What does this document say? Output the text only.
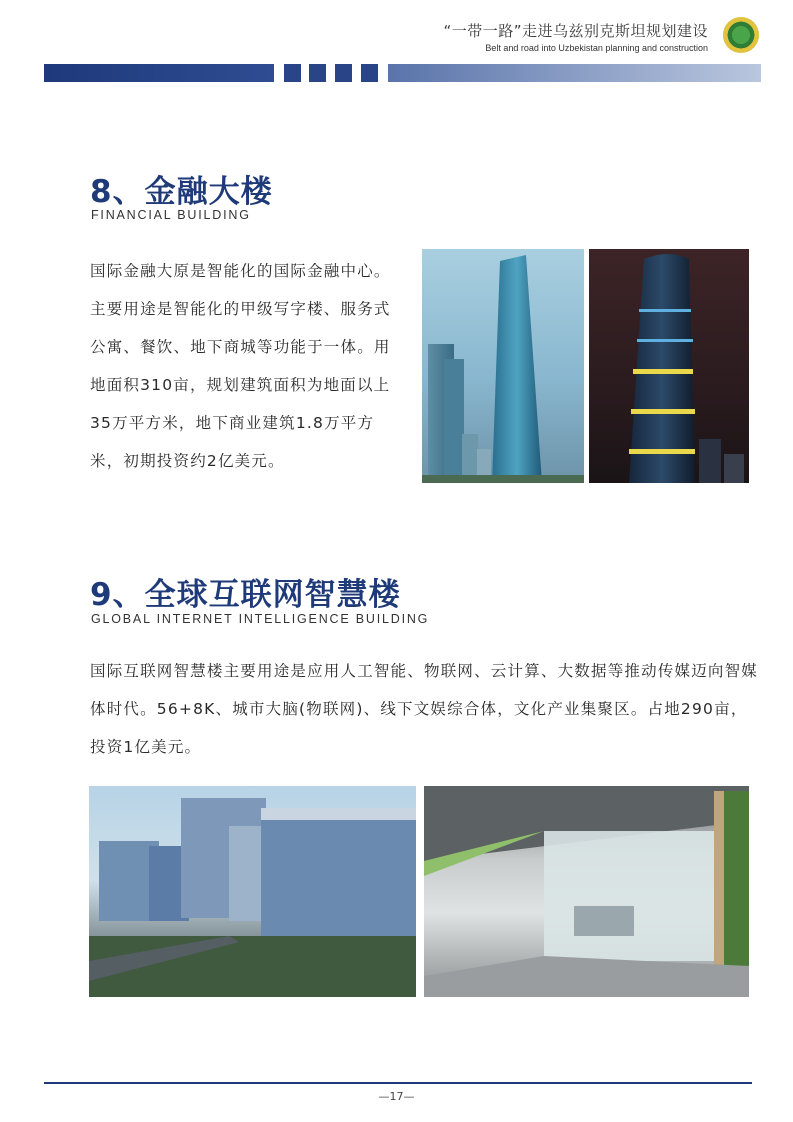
“一带一路”走进乌兹别克斯坦规划建设
Belt and road into Uzbekistan planning and construction
8、金融大楼
FINANCIAL BUILDING
国际金融大原是智能化的国际金融中心。主要用途是智能化的甲级写字楼、服务式公寓、餐饮、地下商城等功能于一体。用地面积310亩，规划建筑面积为地面以上35万平方米，地下商业建筑1.8万平方米，初期投资约2亿美元。
9、全球互联网智慧楼
GLOBAL INTERNET INTELLIGENCE BUILDING
国际互联网智慧楼主要用途是应用人工智能、物联网、云计算、大数据等推动传媒迈向智媒体时代。56+8K、城市大脑(物联网)、线下文娱综合体，文化产业集聚区。占地290亩，投资1亿美元。
—17—
